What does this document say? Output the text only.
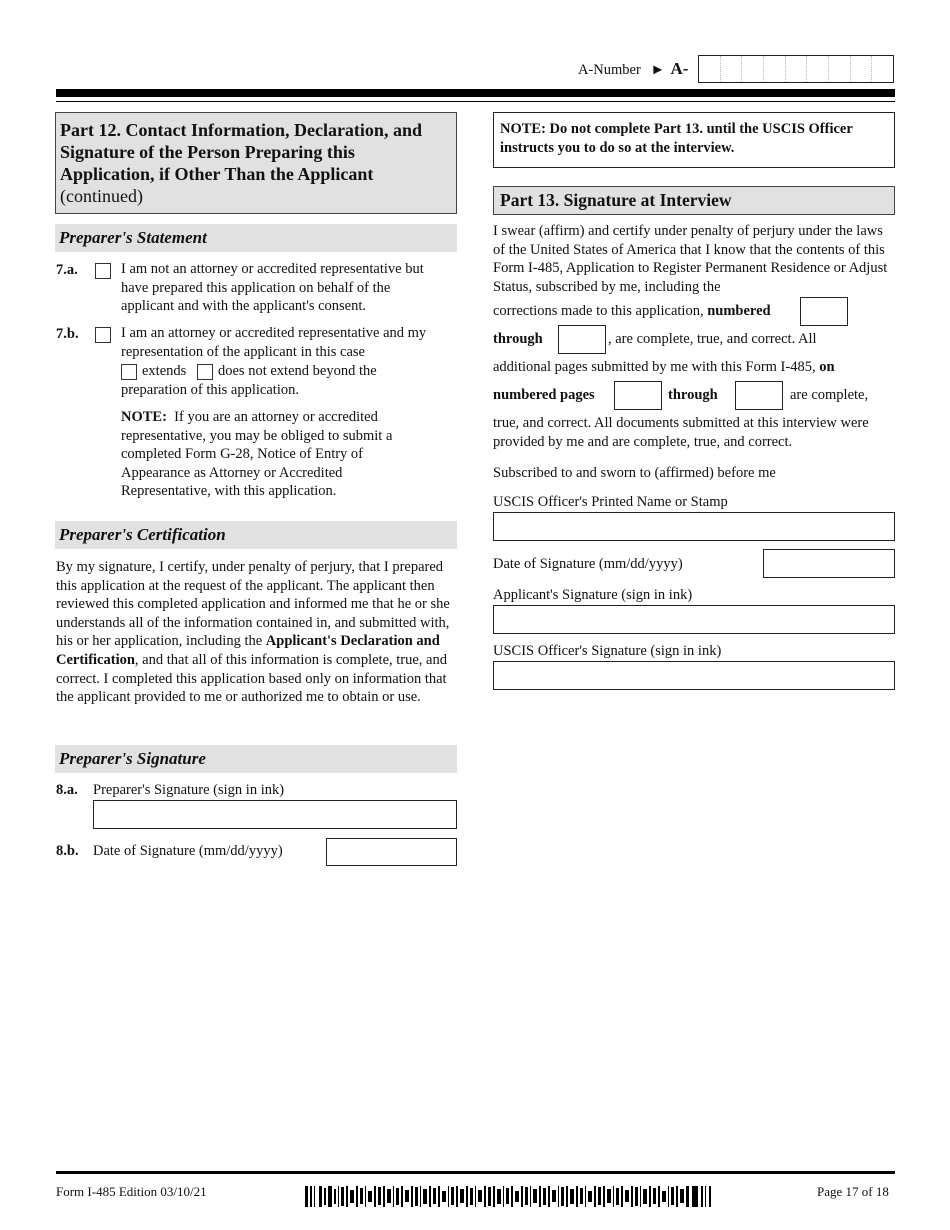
A-Number ► A-
Part 12. Contact Information, Declaration, and Signature of the Person Preparing this Application, if Other Than the Applicant
(continued)
Preparer's Statement
7.a.	I am not an attorney or accredited representative but have prepared this application on behalf of the applicant and with the applicant's consent.
7.b.	I am an attorney or accredited representative and my representation of the applicant in this case
extends does not extend beyond the
preparation of this application.
NOTE: If you are an attorney or accredited representative, you may be obliged to submit a completed Form G-28, Notice of Entry of Appearance as Attorney or Accredited Representative, with this application.
Preparer's Certification
By my signature, I certify, under penalty of perjury, that I prepared this application at the request of the applicant. The applicant then reviewed this completed application and informed me that he or she understands all of the information contained in, and submitted with, his or her application, including the Applicant's Declaration and Certification, and that all of this information is complete, true, and correct. I completed this application based only on information that the applicant provided to me or authorized me to obtain or use.
Preparer's Signature
8.a. Preparer's Signature (sign in ink)
8.b. Date of Signature (mm/dd/yyyy)
NOTE: Do not complete Part 13. until the USCIS Officer instructs you to do so at the interview.
Part 13. Signature at Interview
I swear (affirm) and certify under penalty of perjury under the laws of the United States of America that I know that the contents of this Form I-485, Application to Register Permanent Residence or Adjust Status, subscribed by me, including the
corrections made to this application, numbered
through	, are complete, true, and correct. All
additional pages submitted by me with this Form I-485, on
numbered pages	through	are complete,
true, and correct. All documents submitted at this interview were provided by me and are complete, true, and correct.
Subscribed to and sworn to (affirmed) before me
USCIS Officer's Printed Name or Stamp
Date of Signature (mm/dd/yyyy)
Applicant's Signature (sign in ink)
USCIS Officer's Signature (sign in ink)
Form I-485 Edition 03/10/21	Page 17 of 18
